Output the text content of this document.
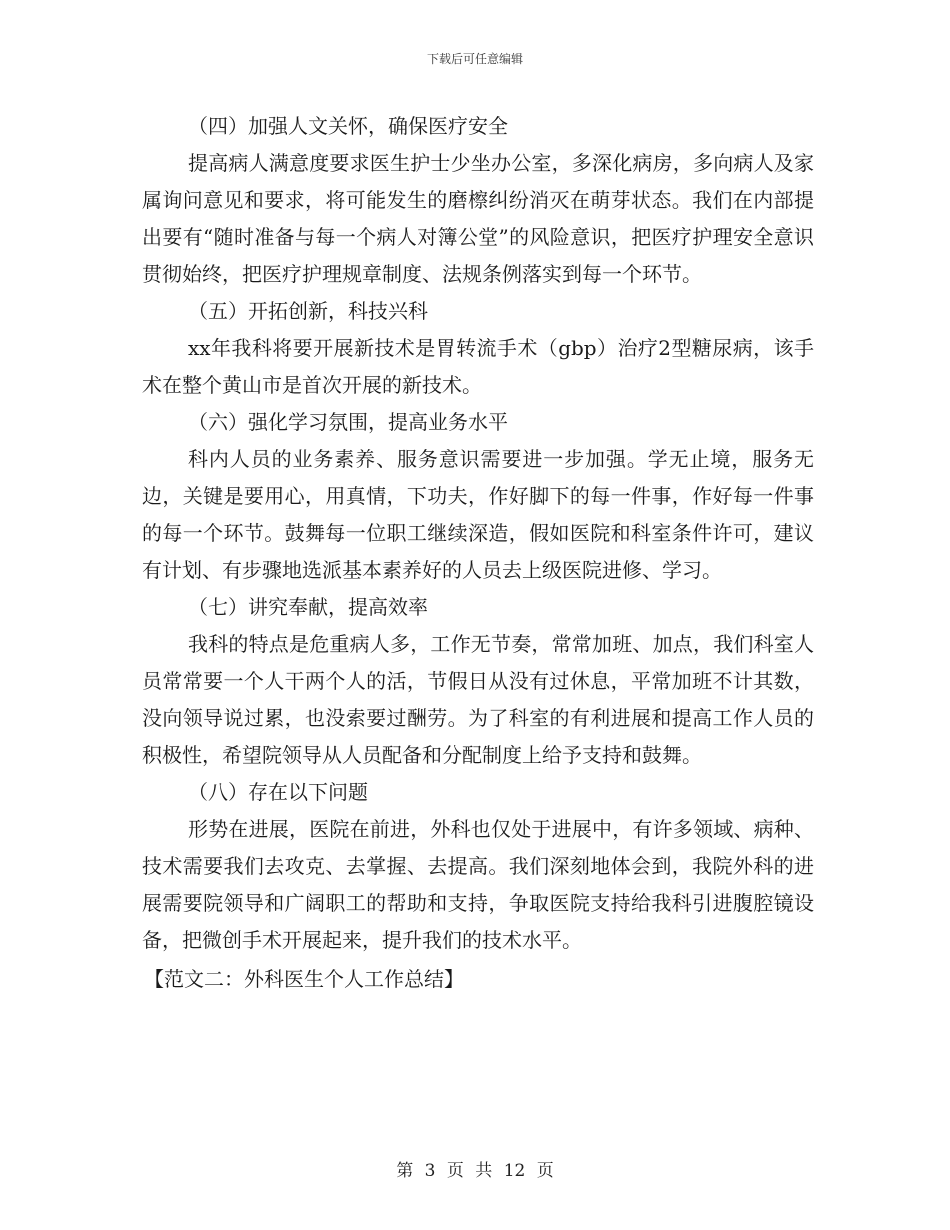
下载后可任意编辑

（四）加强人文关怀，确保医疗安全

提高病人满意度要求医生护士少坐办公室，多深化病房，多向病人及家属询问意见和要求，将可能发生的磨檫纠纷消灭在萌芽状态。我们在内部提出要有“随时准备与每一个病人对簿公堂”的风险意识，把医疗护理安全意识贯彻始终，把医疗护理规章制度、法规条例落实到每一个环节。

（五）开拓创新，科技兴科

xx年我科将要开展新技术是胃转流手术（gbp）治疗2型糖尿病，该手术在整个黄山市是首次开展的新技术。

（六）强化学习氛围，提高业务水平

科内人员的业务素养、服务意识需要进一步加强。学无止境，服务无边，关键是要用心，用真情，下功夫，作好脚下的每一件事，作好每一件事的每一个环节。鼓舞每一位职工继续深造，假如医院和科室条件许可，建议有计划、有步骤地选派基本素养好的人员去上级医院进修、学习。

（七）讲究奉献，提高效率

我科的特点是危重病人多，工作无节奏，常常加班、加点，我们科室人员常常要一个人干两个人的活，节假日从没有过休息，平常加班不计其数，没向领导说过累，也没索要过酬劳。为了科室的有利进展和提高工作人员的积极性，希望院领导从人员配备和分配制度上给予支持和鼓舞。

（八）存在以下问题

形势在进展，医院在前进，外科也仅处于进展中，有许多领域、病种、技术需要我们去攻克、去掌握、去提高。我们深刻地体会到，我院外科的进展需要院领导和广阔职工的帮助和支持，争取医院支持给我科引进腹腔镜设备，把微创手术开展起来，提升我们的技术水平。

【范文二：外科医生个人工作总结】

第 3 页 共 12 页
